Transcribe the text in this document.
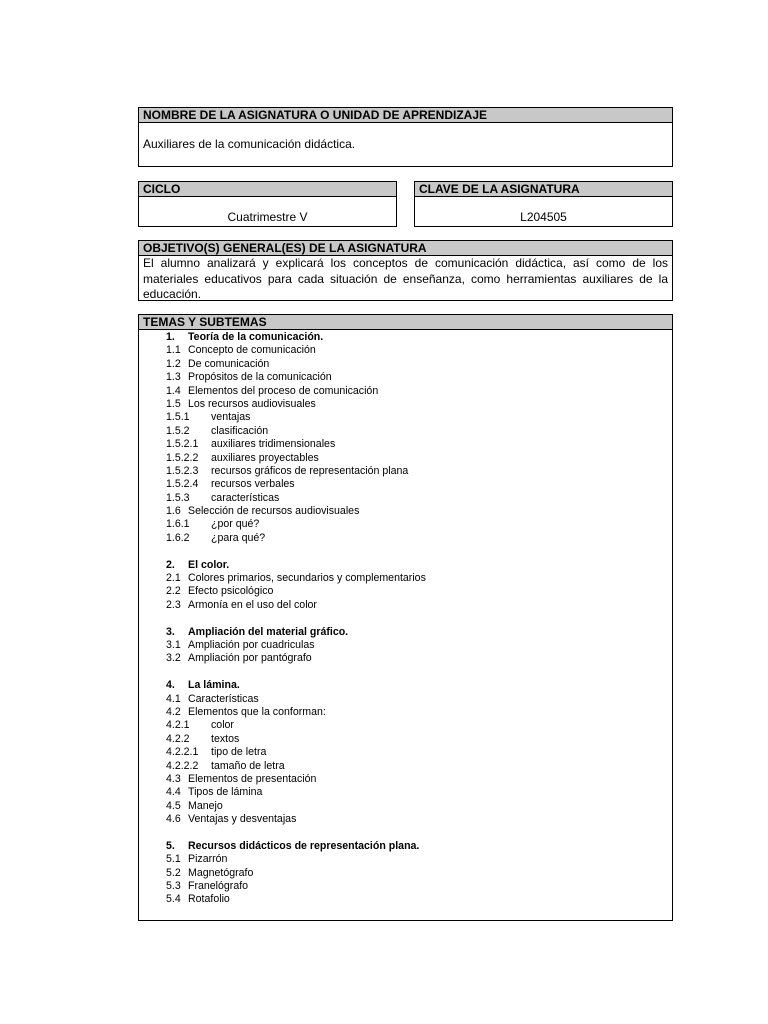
NOMBRE DE LA ASIGNATURA O UNIDAD DE APRENDIZAJE
Auxiliares de la comunicación didáctica.
CICLO
Cuatrimestre V
CLAVE DE LA ASIGNATURA
L204505
OBJETIVO(S) GENERAL(ES) DE LA ASIGNATURA
El alumno analizará y explicará los conceptos de comunicación didáctica, así como de los materiales educativos para cada situación de enseñanza, como herramientas auxiliares de la educación.
TEMAS Y SUBTEMAS
1. Teoría de la comunicación.
1.1 Concepto de comunicación
1.2 De comunicación
1.3 Propósitos de la comunicación
1.4 Elementos del proceso de comunicación
1.5 Los recursos audiovisuales
1.5.1 ventajas
1.5.2 clasificación
1.5.2.1 auxiliares tridimensionales
1.5.2.2 auxiliares proyectables
1.5.2.3 recursos gráficos de representación plana
1.5.2.4 recursos verbales
1.5.3 características
1.6 Selección de recursos audiovisuales
1.6.1 ¿por qué?
1.6.2 ¿para qué?
2. El color.
2.1 Colores primarios, secundarios y complementarios
2.2 Efecto psicológico
2.3 Armonía en el uso del color
3. Ampliación del material gráfico.
3.1 Ampliación por cuadriculas
3.2 Ampliación por pantógrafo
4. La lámina.
4.1 Características
4.2 Elementos que la conforman:
4.2.1 color
4.2.2 textos
4.2.2.1 tipo de letra
4.2.2.2 tamaño de letra
4.3 Elementos de presentación
4.4 Tipos de lámina
4.5 Manejo
4.6 Ventajas y desventajas
5. Recursos didácticos de representación plana.
5.1 Pizarrón
5.2 Magnetógrafo
5.3 Franelógrafo
5.4 Rotafolio
